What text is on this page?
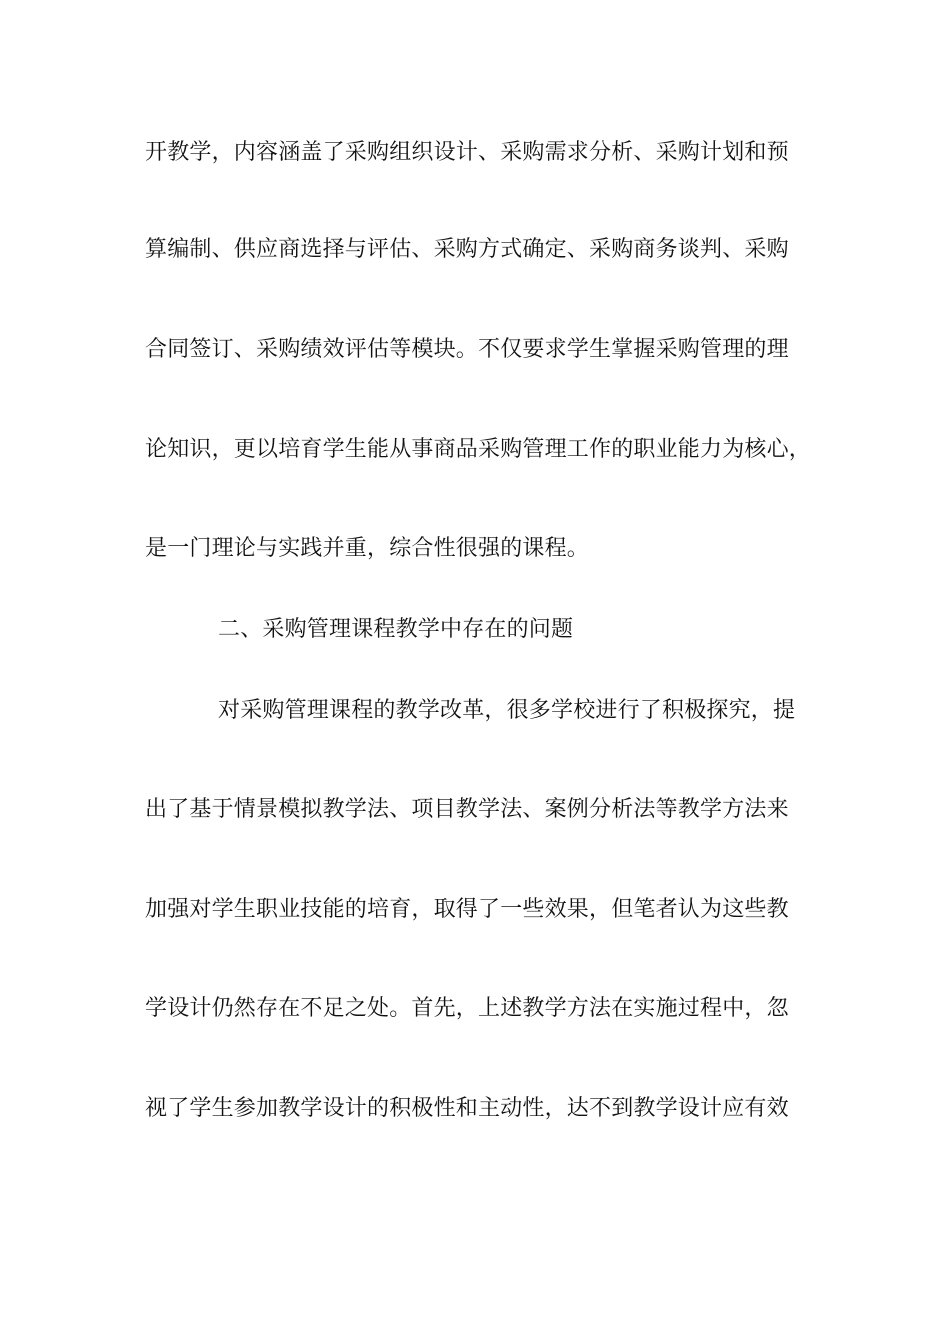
开教学，内容涵盖了采购组织设计、采购需求分析、采购计划和预
算编制、供应商选择与评估、采购方式确定、采购商务谈判、采购
合同签订、采购绩效评估等模块。不仅要求学生掌握采购管理的理
论知识，更以培育学生能从事商品采购管理工作的职业能力为核心，
是一门理论与实践并重，综合性很强的课程。
二、采购管理课程教学中存在的问题
对采购管理课程的教学改革，很多学校进行了积极探究，提
出了基于情景模拟教学法、项目教学法、案例分析法等教学方法来
加强对学生职业技能的培育，取得了一些效果，但笔者认为这些教
学设计仍然存在不足之处。首先，上述教学方法在实施过程中，忽
视了学生参加教学设计的积极性和主动性，达不到教学设计应有效
